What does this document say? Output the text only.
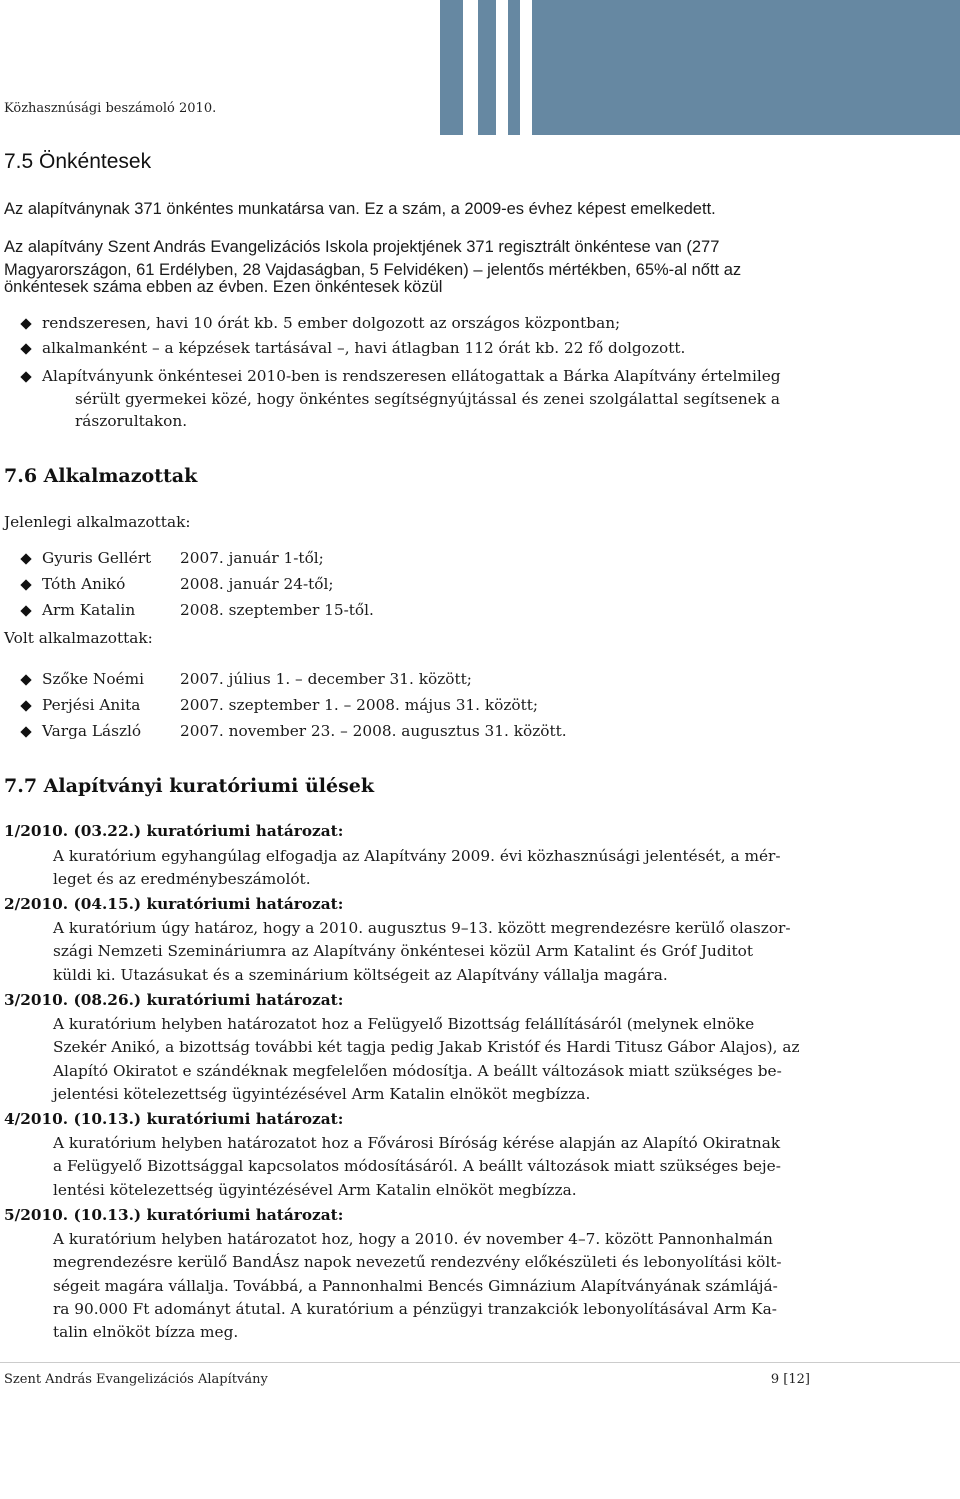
Közhasznúsági beszámoló 2010.
7.5 Önkéntesek
Az alapítványnak 371 önkéntes munkatársa van. Ez a szám, a 2009-es évhez képest emelkedett.
Az alapítvány Szent András Evangelizációs Iskola projektjének 371 regisztrált önkéntese van (277
Magyarországon, 61 Erdélyben, 28 Vajdaságban, 5 Felvidéken) – jelentős mértékben, 65%-al nőtt az
önkéntesek száma ebben az évben. Ezen önkéntesek közül
rendszeresen, havi 10 órát kb. 5 ember dolgozott az országos központban;
alkalmanként – a képzések tartásával –, havi átlagban 112 órát kb. 22 fő dolgozott.
Alapítványunk önkéntesei 2010-ben is rendszeresen ellátogattak a Bárka Alapítvány értelmileg
sérült gyermekei közé, hogy önkéntes segítségnyújtással és zenei szolgálattal segítsenek a
rászorultakon.
7.6 Alkalmazottak
Jelenlegi alkalmazottak:
Gyuris Gellért 2007. január 1-től;
Tóth Anikó	2008. január 24-től;
Arm Katalin	2008. szeptember 15-től.
Volt alkalmazottak:
Szőke Noémi 2007. július 1. – december 31. között;
Perjési Anita	2007. szeptember 1. – 2008. május 31. között;
Varga László	2007. november 23. – 2008. augusztus 31. között.
7.7 Alapítványi kuratóriumi ülések
1/2010. (03.22.) kuratóriumi határozat:
A kuratórium egyhangúlag elfogadja az Alapítvány 2009. évi közhasznúsági jelentését, a mér-
leget és az eredménybeszámolót.
2/2010. (04.15.) kuratóriumi határozat:
A kuratórium úgy határoz, hogy a 2010. augusztus 9–13. között megrendezésre kerülő olaszor-
szági Nemzeti Szemináriumra az Alapítvány önkéntesei közül Arm Katalint és Gróf Juditot
küldi ki. Utazásukat és a szeminárium költségeit az Alapítvány vállalja magára.
3/2010. (08.26.) kuratóriumi határozat:
A kuratórium helyben határozatot hoz a Felügyelő Bizottság felállításáról (melynek elnöke
Szekér Anikó, a bizottság további két tagja pedig Jakab Kristóf és Hardi Titusz Gábor Alajos), az
Alapító Okiratot e szándéknak megfelelően módosítja. A beállt változások miatt szükséges be-
jelentési kötelezettség ügyintézésével Arm Katalin elnököt megbízza.
4/2010. (10.13.) kuratóriumi határozat:
A kuratórium helyben határozatot hoz a Fővárosi Bíróság kérése alapján az Alapító Okiratnak
a Felügyelő Bizottsággal kapcsolatos módosításáról. A beállt változások miatt szükséges beje-
lentési kötelezettség ügyintézésével Arm Katalin elnököt megbízza.
5/2010. (10.13.) kuratóriumi határozat:
A kuratórium helyben határozatot hoz, hogy a 2010. év november 4–7. között Pannonhalmán
megrendezésre kerülő BandÁsz napok nevezetű rendezvény előkészületi és lebonyolítási költ-
ségeit magára vállalja. Továbbá, a Pannonhalmi Bencés Gimnázium Alapítványának számlájá-
ra 90.000 Ft adományt átutal. A kuratórium a pénzügyi tranzakciók lebonyolításával Arm Ka-
talin elnököt bízza meg.
Szent András Evangelizációs Alapítvány	9 [12]
